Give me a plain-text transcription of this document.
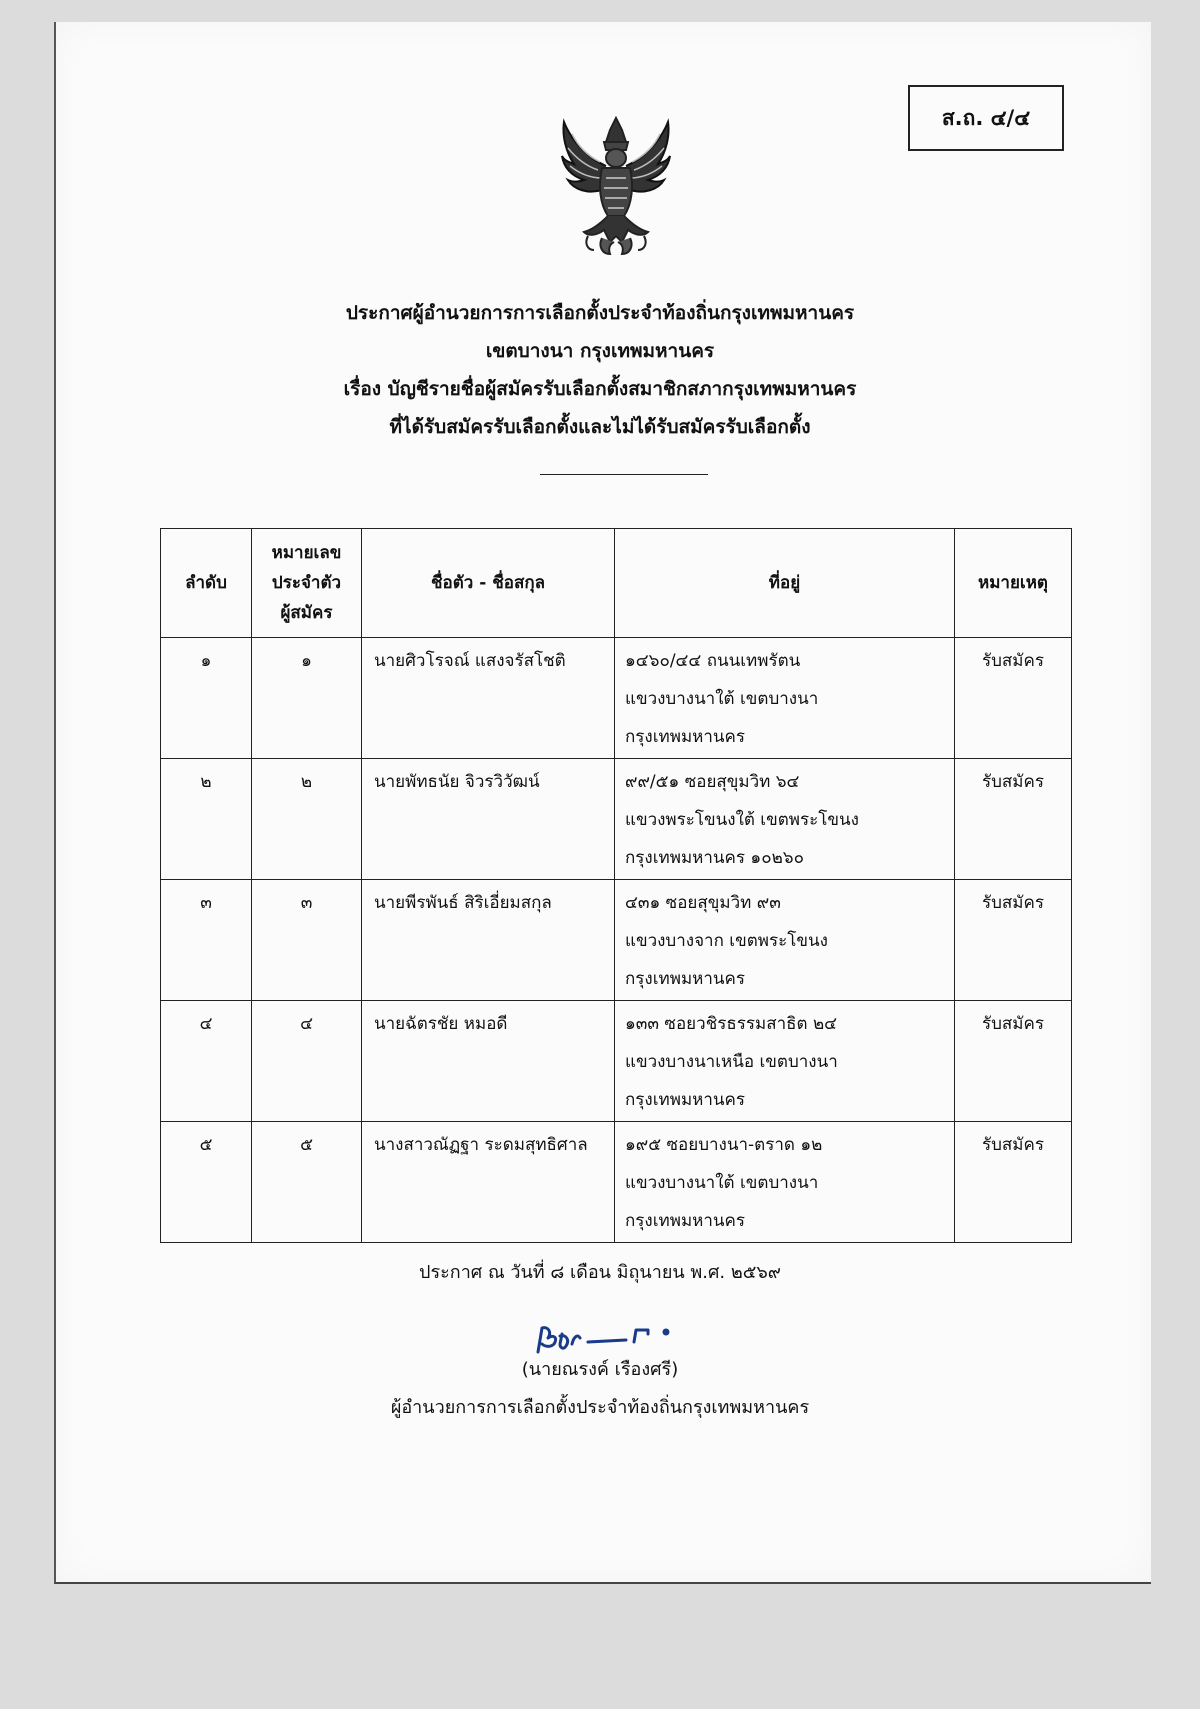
ส.ถ. ๔/๔
ประกาศผู้อำนวยการการเลือกตั้งประจำท้องถิ่นกรุงเทพมหานคร
เขตบางนา กรุงเทพมหานคร
เรื่อง บัญชีรายชื่อผู้สมัครรับเลือกตั้งสมาชิกสภากรุงเทพมหานคร
ที่ได้รับสมัครรับเลือกตั้งและไม่ได้รับสมัครรับเลือกตั้ง
ลำดับ	หมายเลข
ประจำตัว
ผู้สมัคร	ชื่อตัว - ชื่อสกุล	ที่อยู่	หมายเหตุ
๑	๑	นายศิวโรจณ์ แสงจรัสโชติ	๑๔๖๐/๔๔ ถนนเทพรัตน
แขวงบางนาใต้ เขตบางนา
กรุงเทพมหานคร	รับสมัคร
๒	๒	นายพัทธนัย จิวรวิวัฒน์	๙๙/๕๑ ซอยสุขุมวิท ๖๔
แขวงพระโขนงใต้ เขตพระโขนง
กรุงเทพมหานคร ๑๐๒๖๐	รับสมัคร
๓	๓	นายพีรพันธ์ สิริเอี่ยมสกุล	๔๓๑ ซอยสุขุมวิท ๙๓
แขวงบางจาก เขตพระโขนง
กรุงเทพมหานคร	รับสมัคร
๔	๔	นายฉัตรชัย หมอดี	๑๓๓ ซอยวชิรธรรมสาธิต ๒๔
แขวงบางนาเหนือ เขตบางนา
กรุงเทพมหานคร	รับสมัคร
๕	๕	นางสาวณัฏฐา ระดมสุทธิศาล	๑๙๕ ซอยบางนา-ตราด ๑๒
แขวงบางนาใต้ เขตบางนา
กรุงเทพมหานคร	รับสมัคร
ประกาศ ณ วันที่ ๘ เดือน มิถุนายน พ.ศ. ๒๕๖๙
(นายณรงค์ เรืองศรี)
ผู้อำนวยการการเลือกตั้งประจำท้องถิ่นกรุงเทพมหานคร
